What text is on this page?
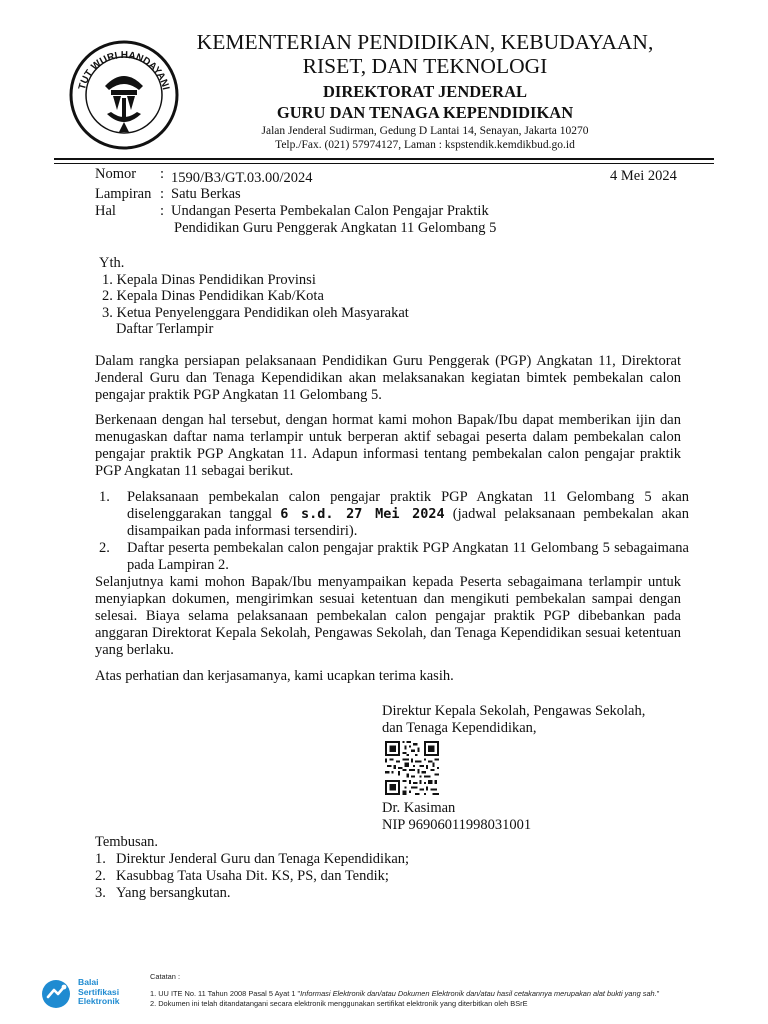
TUT WURI HANDAYANI
KEMENTERIAN PENDIDIKAN, KEBUDAYAAN,
RISET, DAN TEKNOLOGI
DIREKTORAT JENDERAL
GURU DAN TENAGA KEPENDIDIKAN
Jalan Jenderal Sudirman, Gedung D Lantai 14, Senayan, Jakarta 10270
Telp./Fax. (021) 57974127, Laman : kspstendik.kemdikbud.go.id
Nomor : 1590/B3/GT.03.00/2024	4 Mei 2024
Lampiran : Satu Berkas
Hal	: Undangan Peserta Pembekalan Calon Pengajar Praktik
Pendidikan Guru Penggerak Angkatan 11 Gelombang 5
Yth.
1. Kepala Dinas Pendidikan Provinsi
2. Kepala Dinas Pendidikan Kab/Kota
3. Ketua Penyelenggara Pendidikan oleh Masyarakat
Daftar Terlampir
Dalam rangka persiapan pelaksanaan Pendidikan Guru Penggerak (PGP) Angkatan 11, Direktorat Jenderal Guru dan Tenaga Kependidikan akan melaksanakan kegiatan bimtek pembekalan calon pengajar praktik PGP Angkatan 11 Gelombang 5.
Berkenaan dengan hal tersebut, dengan hormat kami mohon Bapak/Ibu dapat memberikan ijin dan menugaskan daftar nama terlampir untuk berperan aktif sebagai peserta dalam pembekalan calon pengajar praktik PGP Angkatan 11. Adapun informasi tentang pembekalan calon pengajar praktik PGP Angkatan 11 sebagai berikut.
1. Pelaksanaan pembekalan calon pengajar praktik PGP Angkatan 11 Gelombang 5 akan diselenggarakan tanggal 6 s.d. 27 Mei 2024 (jadwal pelaksanaan pembekalan akan disampaikan pada informasi tersendiri).
2. Daftar peserta pembekalan calon pengajar praktik PGP Angkatan 11 Gelombang 5 sebagaimana pada Lampiran 2.
Selanjutnya kami mohon Bapak/Ibu menyampaikan kepada Peserta sebagaimana terlampir untuk menyiapkan dokumen, mengirimkan sesuai ketentuan dan mengikuti pembekalan sampai dengan selesai. Biaya selama pelaksanaan pembekalan calon pengajar praktik PGP dibebankan pada anggaran Direktorat Kepala Sekolah, Pengawas Sekolah, dan Tenaga Kependidikan sesuai ketentuan yang berlaku.
Atas perhatian dan kerjasamanya, kami ucapkan terima kasih.
Direktur Kepala Sekolah, Pengawas Sekolah,
dan Tenaga Kependidikan,
Dr. Kasiman
NIP 96906011998031001
Tembusan.
1. Direktur Jenderal Guru dan Tenaga Kependidikan;
2. Kasubbag Tata Usaha Dit. KS, PS, dan Tendik;
3. Yang bersangkutan.
Balai
Sertifikasi
Elektronik
Catatan :
1. UU ITE No. 11 Tahun 2008 Pasal 5 Ayat 1 "Informasi Elektronik dan/atau Dokumen Elektronik dan/atau hasil cetakannya merupakan alat bukti yang sah."
2. Dokumen ini telah ditandatangani secara elektronik menggunakan sertifikat elektronik yang diterbitkan oleh BSrE
